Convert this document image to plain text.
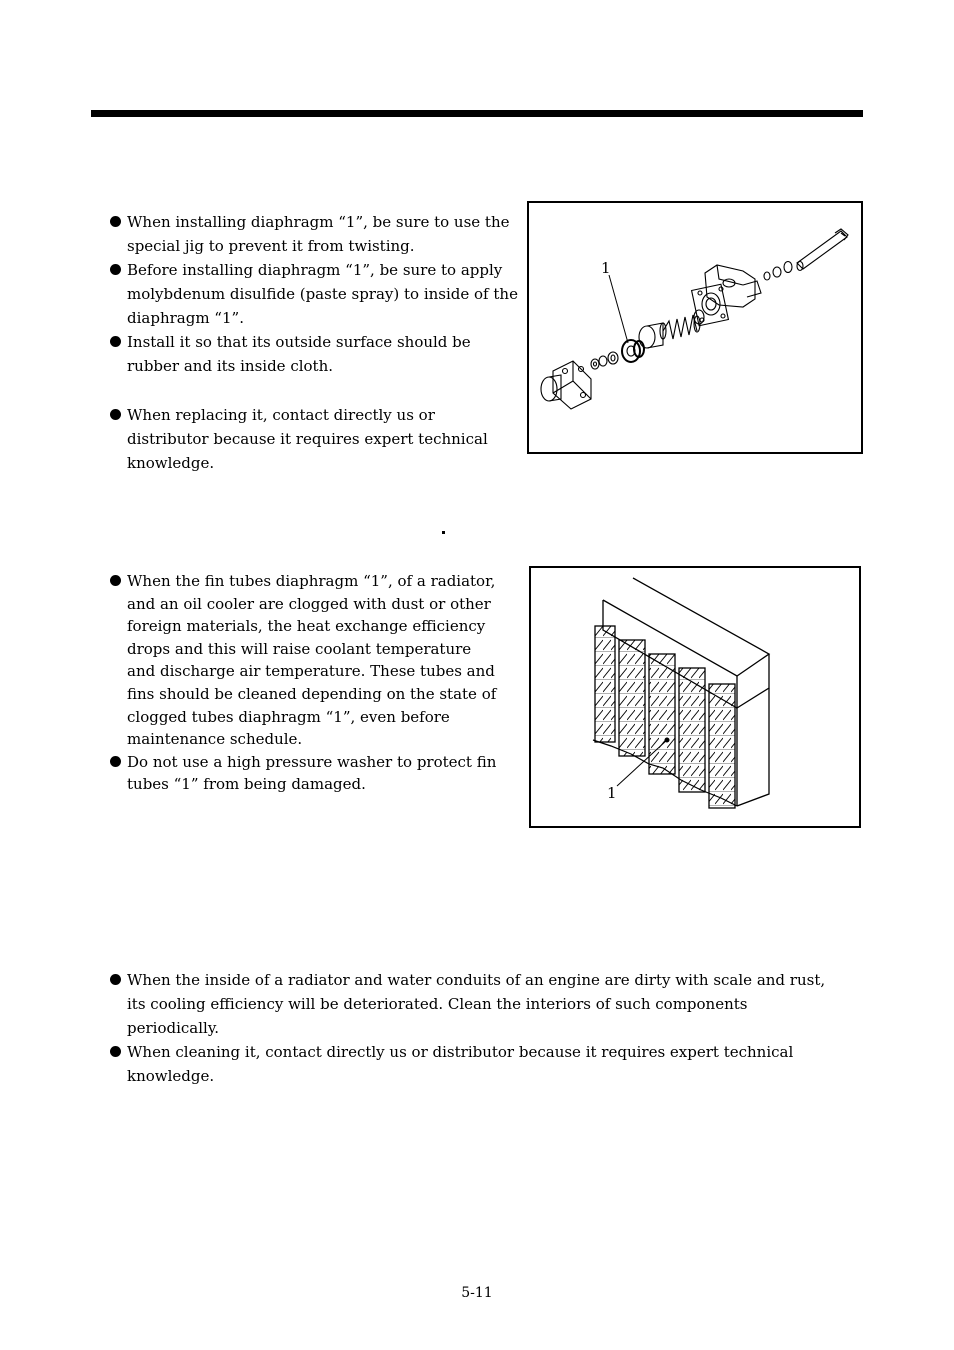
When installing diaphragm “1”, be sure to use the special jig to prevent it from twisting.
Before installing diaphragm “1”, be sure to apply molybdenum disulfide (paste spray) to inside of the diaphragm “1”.
Install it so that its outside surface should be rubber and its inside cloth.
When replacing it, contact directly us or distributor because it requires expert technical knowledge.
1
When the fin tubes diaphragm “1”, of a radiator, and an oil cooler are clogged with dust or other foreign materials, the heat exchange efficiency drops and this will raise coolant temperature and discharge air temperature. These tubes and fins should be cleaned depending on the state of clogged tubes diaphragm “1”, even before maintenance schedule.
Do not use a high pressure washer to protect fin tubes “1” from being damaged.	1
When the inside of a radiator and water conduits of an engine are dirty with scale and rust, its cooling efficiency will be deteriorated. Clean the interiors of such components periodically.
When cleaning it, contact directly us or distributor because it requires expert technical knowledge.
5-11
